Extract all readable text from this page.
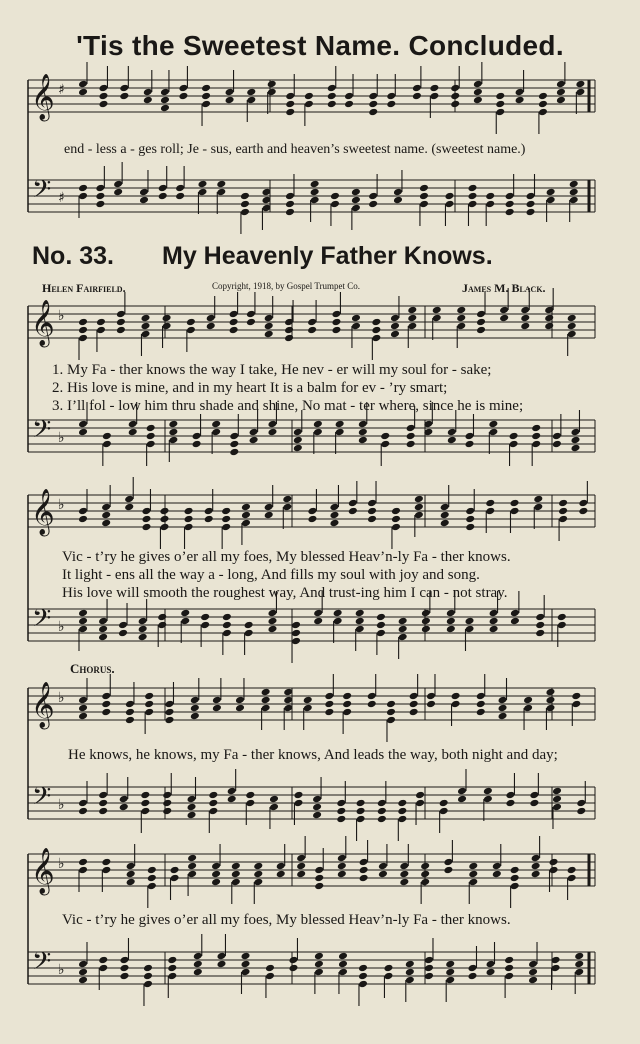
'Tis the Sweetest Name. Concluded.
No. 33. My Heavenly Father Knows.
Helen Fairfield.	Copyright, 1918, by Gospel Trumpet Co.	James M. Black.
end - less a - ges roll; Je - sus, earth and heaven’s sweetest name. (sweetest name.)
1. My Fa - ther knows the way I take, He nev - er will my soul for - sake;
2. His love is mine, and in my heart It is a balm for ev - ’ry smart;
3. I’ll fol - low him thru shade and shine, No mat - ter where, since he is mine;
Vic - t’ry he gives o’er all my foes, My blessed Heav’n-ly Fa - ther knows.
It light - ens all the way a - long, And fills my soul with joy and song.
His love will smooth the roughest way, And trust-ing him I can - not stray.
Chorus.
He knows, he knows, my Fa - ther knows, And leads the way, both night and day;
Vic - t’ry he gives o’er all my foes, My blessed Heav’n-ly Fa - ther knows.
𝄞
𝄢
♯
♯
𝄞
𝄢
♭
♭
𝄞
𝄢
♭
♭
𝄞
𝄢
♭
♭
𝄞
𝄢
♭
♭
